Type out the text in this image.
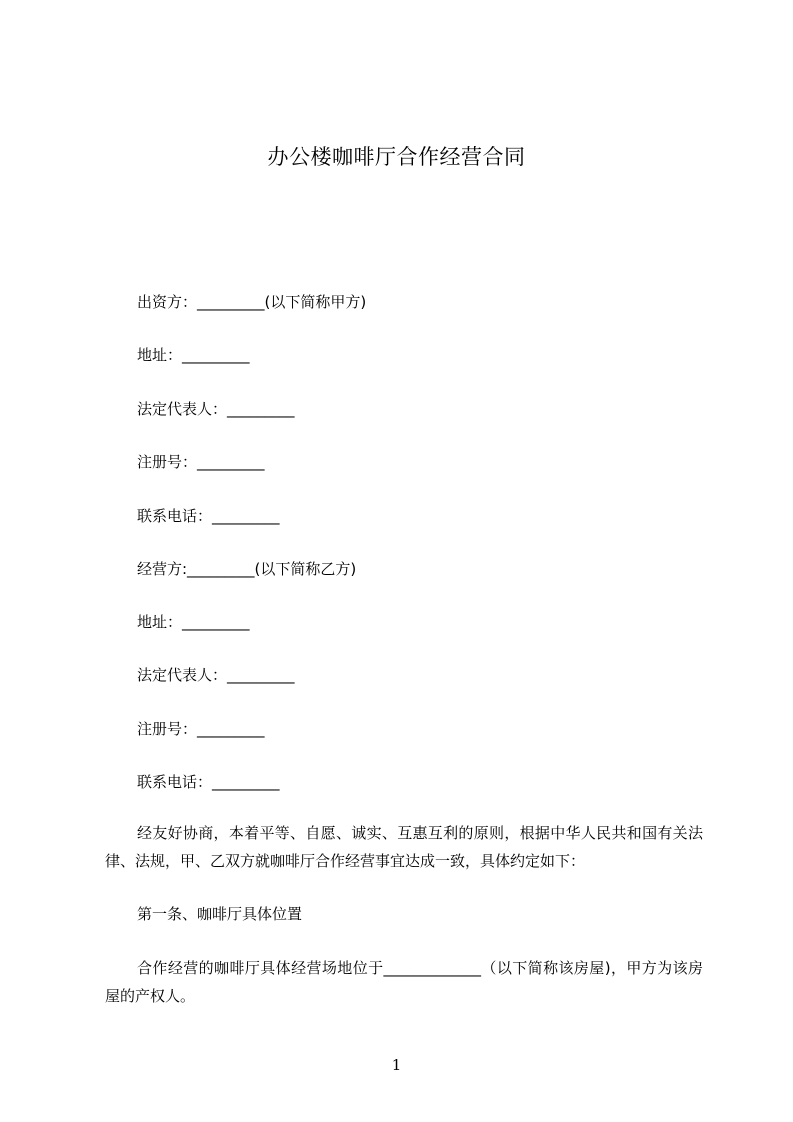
办公楼咖啡厅合作经营合同
出资方：_________(以下简称甲方)
地址：_________
法定代表人：_________
注册号：_________
联系电话：_________
经营方:_________(以下简称乙方)
地址：_________
法定代表人：_________
注册号：_________
联系电话：_________
经友好协商，本着平等、自愿、诚实、互惠互利的原则，根据中华人民共和国有关法律、法规，甲、乙双方就咖啡厅合作经营事宜达成一致，具体约定如下：
第一条、咖啡厅具体位置
合作经营的咖啡厅具体经营场地位于_____________（以下简称该房屋)，甲方为该房屋的产权人。
1
